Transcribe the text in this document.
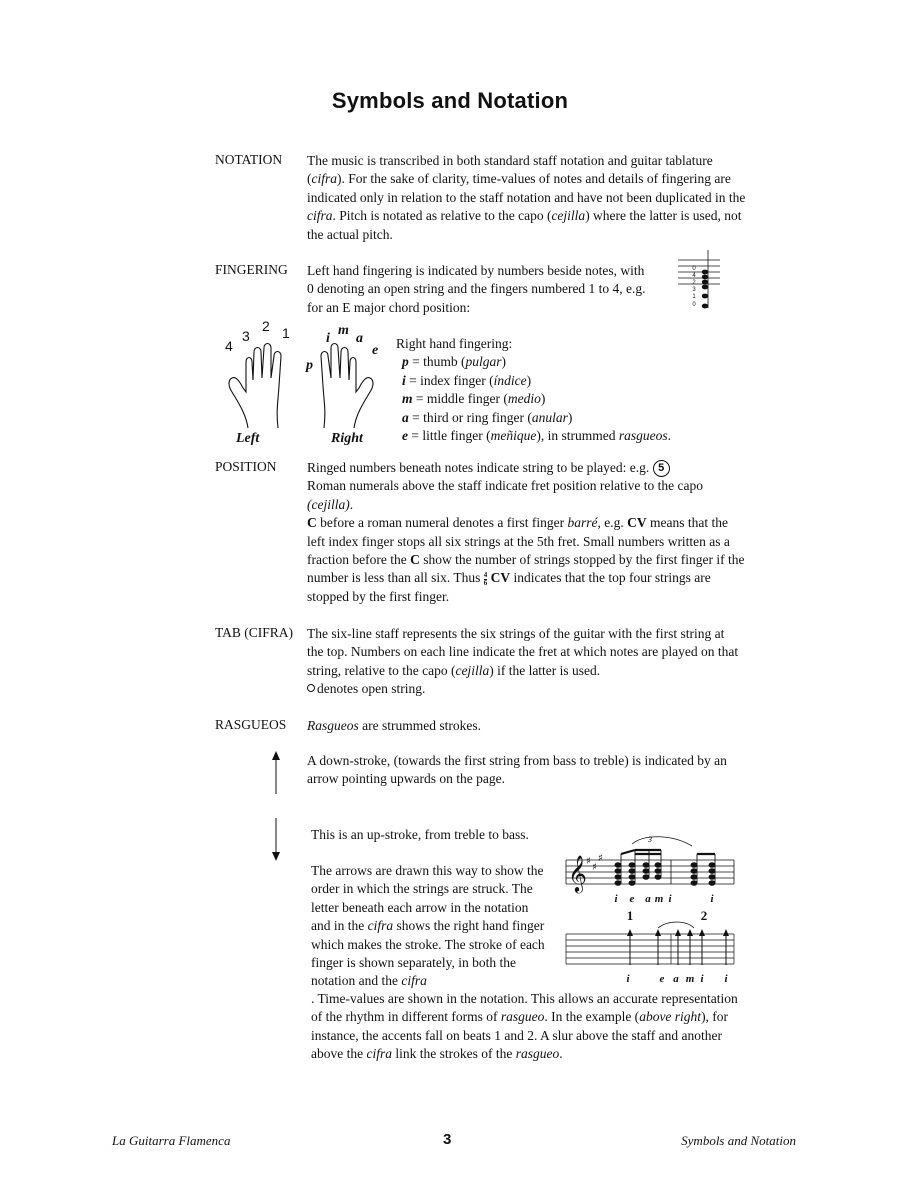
Symbols and Notation
NOTATION The music is transcribed in both standard staff notation and guitar tablature (cifra). For the sake of clarity, time-values of notes and details of fingering are indicated only in relation to the staff notation and have not been duplicated in the cifra. Pitch is notated as relative to the capo (cejilla) where the latter is used, not the actual pitch.

FINGERING Left hand fingering is indicated by numbers beside notes, with 0 denoting an open string and the fingers numbered 1 to 4, e.g. for an E major chord position:
0
4
2
3
1
0
4
3
2 1
Left
p
i
m
a
e
Right
Right hand fingering:
p = thumb (pulgar)
i = index finger (índice)
m = middle finger (medio)
a = third or ring finger (anular)
e = little finger (meñique), in strummed rasgueos.
POSITION Ringed numbers beneath notes indicate string to be played: e.g. 5

Roman numerals above the staff indicate fret position relative to the capo (cejilla).

C before a roman numeral denotes a first finger barré, e.g. CV means that the left index finger stops all six strings at the 5th fret. Small numbers written as a fraction before the C show the number of strings stopped by the first finger if the number is less than all six. Thus $\frac{4}{6}$ CV indicates that the top four strings are stopped by the first finger.

TAB (CIFRA) The six-line staff represents the six strings of the guitar with the first string at the top. Numbers on each line indicate the fret at which notes are played on that string, relative to the capo (cejilla) if the latter is used.
denotes open string.

RASGUEOS Rasgueos are strummed strokes.
A down-stroke, (towards the first string from bass to treble) is indicated by an arrow pointing upwards on the page.
This is an up-stroke, from treble to bass.
The arrows are drawn this way to show the order in which the strings are struck. The letter beneath each arrow in the notation and in the cifra shows the right hand finger which makes the stroke. The stroke of each finger is shown separately, in both the notation and the cifra
. Time-values are shown in the notation. This allows an accurate representation of the rhythm in different forms of rasgueo. In the example (above right), for instance, the accents fall on beats 1 and 2. A slur above the staff and another above the cifra link the strokes of the rasgueo.
𝄞 ♯
♯
♯
3
i e a m i	i
1	2
i	e a m i i
La Guitarra Flamenca	3	Symbols and Notation
